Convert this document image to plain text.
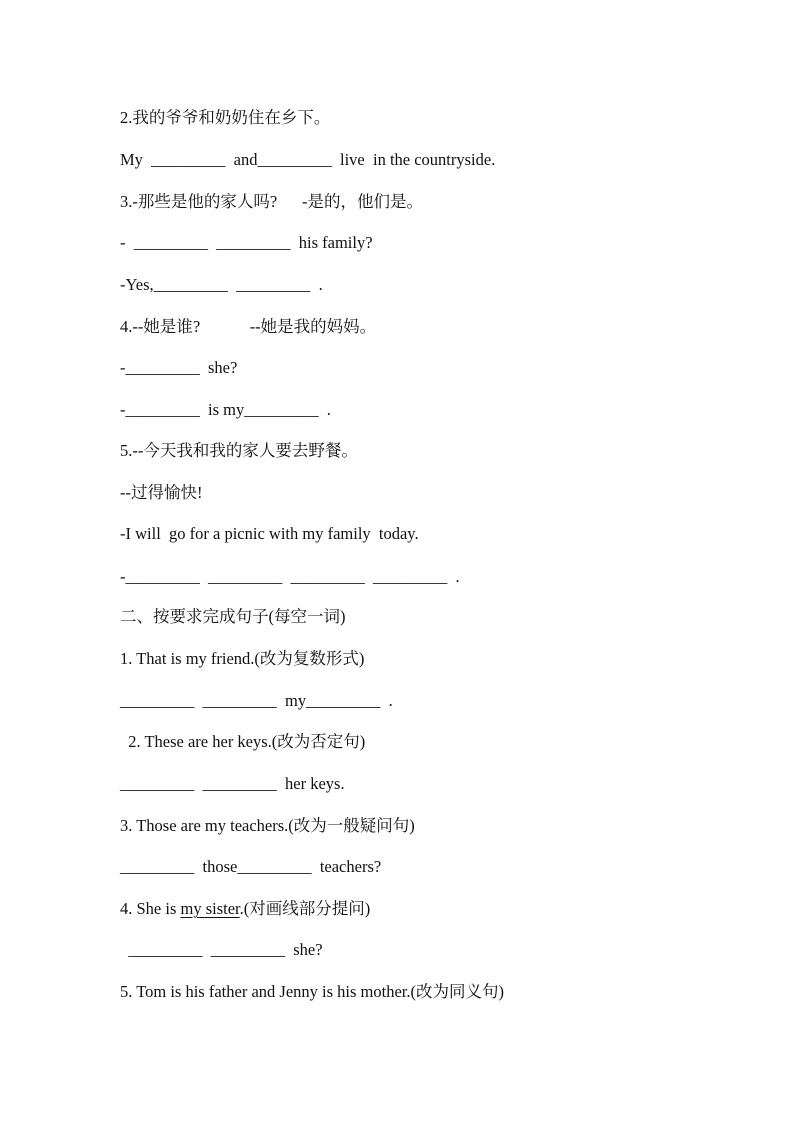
2.我的爷爷和奶奶住在乡下。
My  _________  and_________  live  in the countryside.
3.-那些是他的家人吗?      -是的，他们是。
-  _________  _________  his family?
-Yes,_________  _________  .
4.--她是谁?            --她是我的妈妈。
-_________  she?
-_________  is my_________  .
5.--今天我和我的家人要去野餐。
--过得愉快!
-I will  go for a picnic with my family  today.
-_________  _________  _________  _________  .
二、按要求完成句子(每空一词)
1. That is my friend.(改为复数形式)
_________  _________  my_________  .
2. These are her keys.(改为否定句)
_________  _________  her keys.
3. Those are my teachers.(改为一般疑问句)
_________  those_________  teachers?
4. She is my sister.(对画线部分提问)
_________  _________  she?
5. Tom is his father and Jenny is his mother.(改为同义句)
